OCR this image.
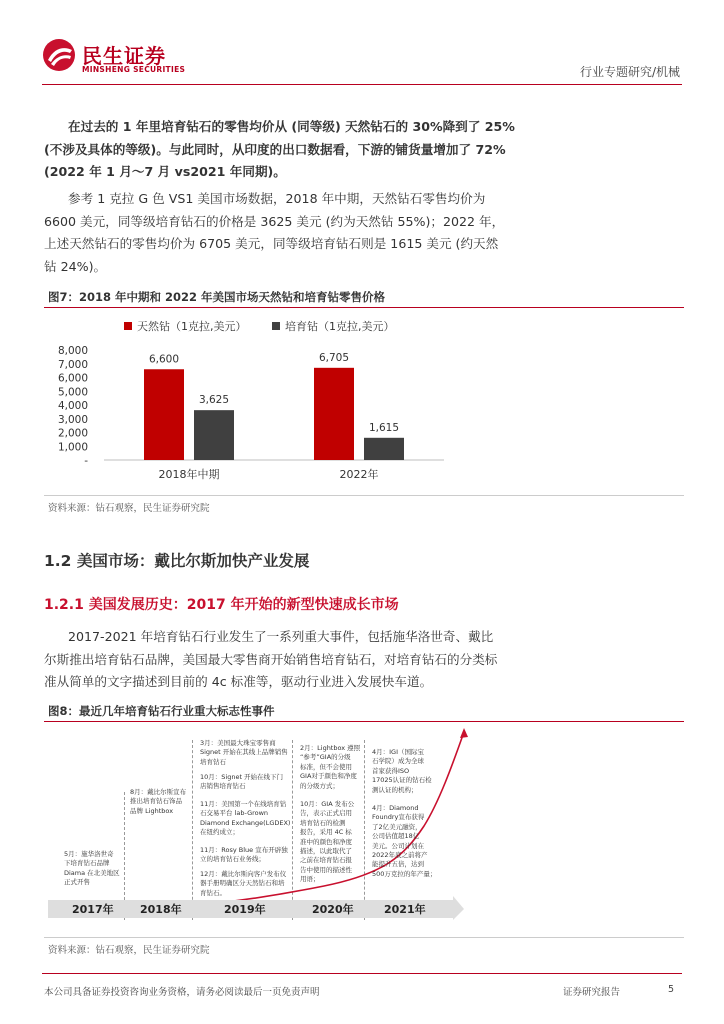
民生证券
MINSHENG SECURITIES	行业专题研究/机械
在过去的 1 年里培育钻石的零售均价从 (同等级) 天然钻石的 30%降到了 25%
(不涉及具体的等级)。与此同时，从印度的出口数据看，下游的铺货量增加了 72%
(2022 年 1 月～7 月 vs2021 年同期)。
参考 1 克拉 G 色 VS1 美国市场数据，2018 年中期，天然钻石零售均价为
6600 美元，同等级培育钻石的价格是 3625 美元 (约为天然钻 55%)；2022 年，
上述天然钻石的零售均价为 6705 美元，同等级培育钻石则是 1615 美元 (约天然
钻 24%)。
图7：2018 年中期和 2022 年美国市场天然钻和培育钻零售价格
天然钻（1克拉,美元）	培育钻（1克拉,美元）
-
1,000
2,000
3,000
4,000
5,000
6,000
7,000
8,000
6,600
3,625
2018年中期
6,705
1,615
2022年
资料来源：钻石观察，民生证券研究院
1.2 美国市场：戴比尔斯加快产业发展
1.2.1 美国发展历史：2017 年开始的新型快速成长市场
2017-2021 年培育钻石行业发生了一系列重大事件，包括施华洛世奇、戴比
尔斯推出培育钻石品牌，美国最大零售商开始销售培育钻石，对培育钻石的分类标
准从简单的文字描述到目前的 4c 标准等，驱动行业进入发展快车道。
图8：最近几年培育钻石行业重大标志性事件
2017年 2018年	2019年	2020年	2021年
5月：施华洛世奇
下培育钻石品牌
Diama 在北美地区
正式开售
8月：戴比尔斯宣布
推出培育钻石饰品
品牌 Lightbox
3月：美国最大珠宝零售商
Signet 开始在其线上品牌销售
培育钻石
10月：Signet 开始在线下门
店销售培育钻石
11月：美国第一个在线培育钻
石交易平台 lab-Grown
Diamond Exchange(LGDEX)
在纽约成立；
11月：Rosy Blue 宣布开辟独
立的培育钻石业务线；
12月：戴比尔斯向客户发布仪
器手册明确区分天然钻石和培
育钻石。
2月：Lightbox 遵照
“参考”GIA的分级
标准，但不会使用
GIA对于颜色和净度
的分级方式；
10月：GIA 发布公
告，表示正式启用
培育钻石的检测
报告，采用 4C 标
准中的颜色和净度
描述，以此取代了
之前在培育钻石报
告中使用的描述性
用语；
4月：IGI（国际宝
石学院）成为全球
首家获得ISO
17025认证的钻石检
测认证的机构；
4月：Diamond
Foundry宣布获得
了2亿美元融资，
公司估值超18亿
美元。公司计划在
2022年底之前将产
能提升五倍，达到
500万克拉的年产量；
资料来源：钻石观察，民生证券研究院
本公司具备证券投资咨询业务资格，请务必阅读最后一页免责声明	证券研究报告	5
